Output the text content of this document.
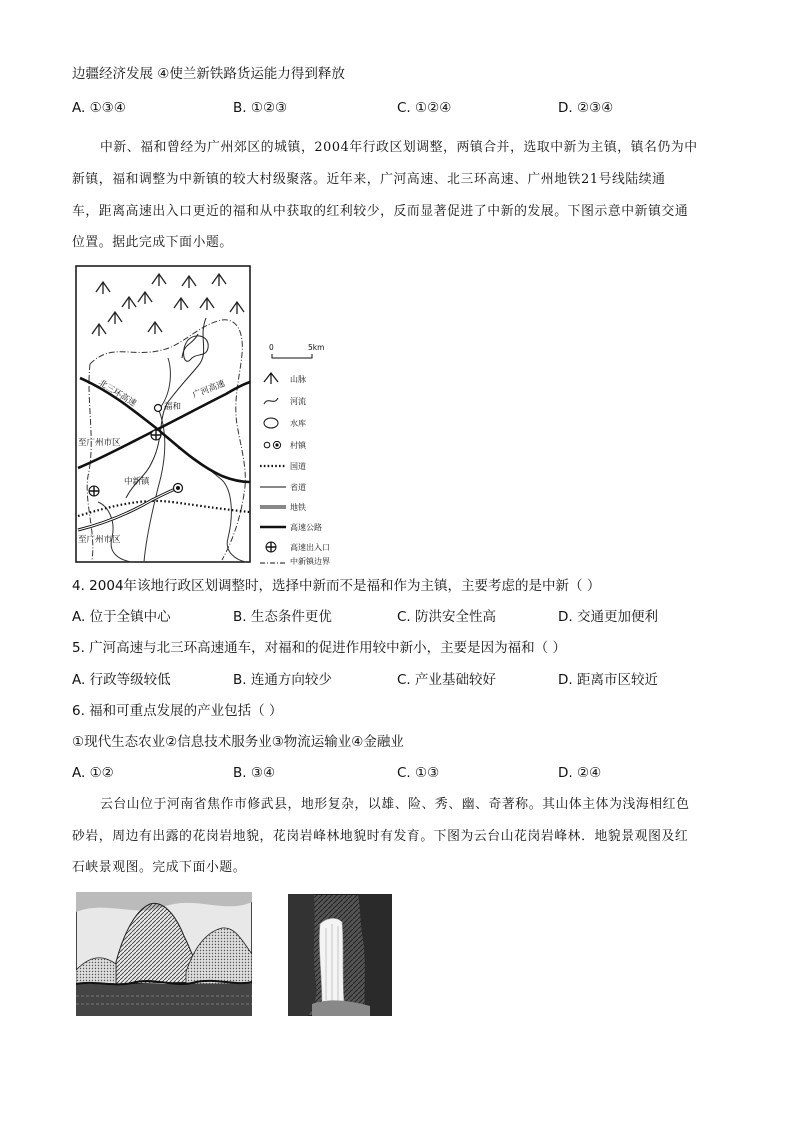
边疆经济发展 ④使兰新铁路货运能力得到释放
A. ①③④	B. ①②③	C. ①②④	D. ②③④
中新、福和曾经为广州郊区的城镇，2004年行政区划调整，两镇合并，选取中新为主镇，镇名仍为中
新镇，福和调整为中新镇的较大村级聚落。近年来，广河高速、北三环高速、广州地铁21号线陆续通
车，距离高速出入口更近的福和从中获取的红利较少，反而显著促进了中新的发展。下图示意中新镇交通
位置。据此完成下面小题。
广河高速
北三环高速	福和
中新镇
至广州市区
至广州市区
0	5km
山脉
河流
水库
村镇
国道
省道
地铁
高速公路
高速出入口
中新镇边界
4. 2004年该地行政区划调整时，选择中新而不是福和作为主镇，主要考虑的是中新（ ）
A. 位于全镇中心	B. 生态条件更优	C. 防洪安全性高	D. 交通更加便利
5. 广河高速与北三环高速通车，对福和的促进作用较中新小，主要是因为福和（ ）
A. 行政等级较低	B. 连通方向较少	C. 产业基础较好	D. 距离市区较近
6. 福和可重点发展的产业包括（ ）
①现代生态农业②信息技术服务业③物流运输业④金融业
A. ①②	B. ③④	C. ①③	D. ②④
云台山位于河南省焦作市修武县，地形复杂，以雄、险、秀、幽、奇著称。其山体主体为浅海相红色
砂岩，周边有出露的花岗岩地貌，花岗岩峰林地貌时有发育。下图为云台山花岗岩峰林．地貌景观图及红
石峡景观图。完成下面小题。
